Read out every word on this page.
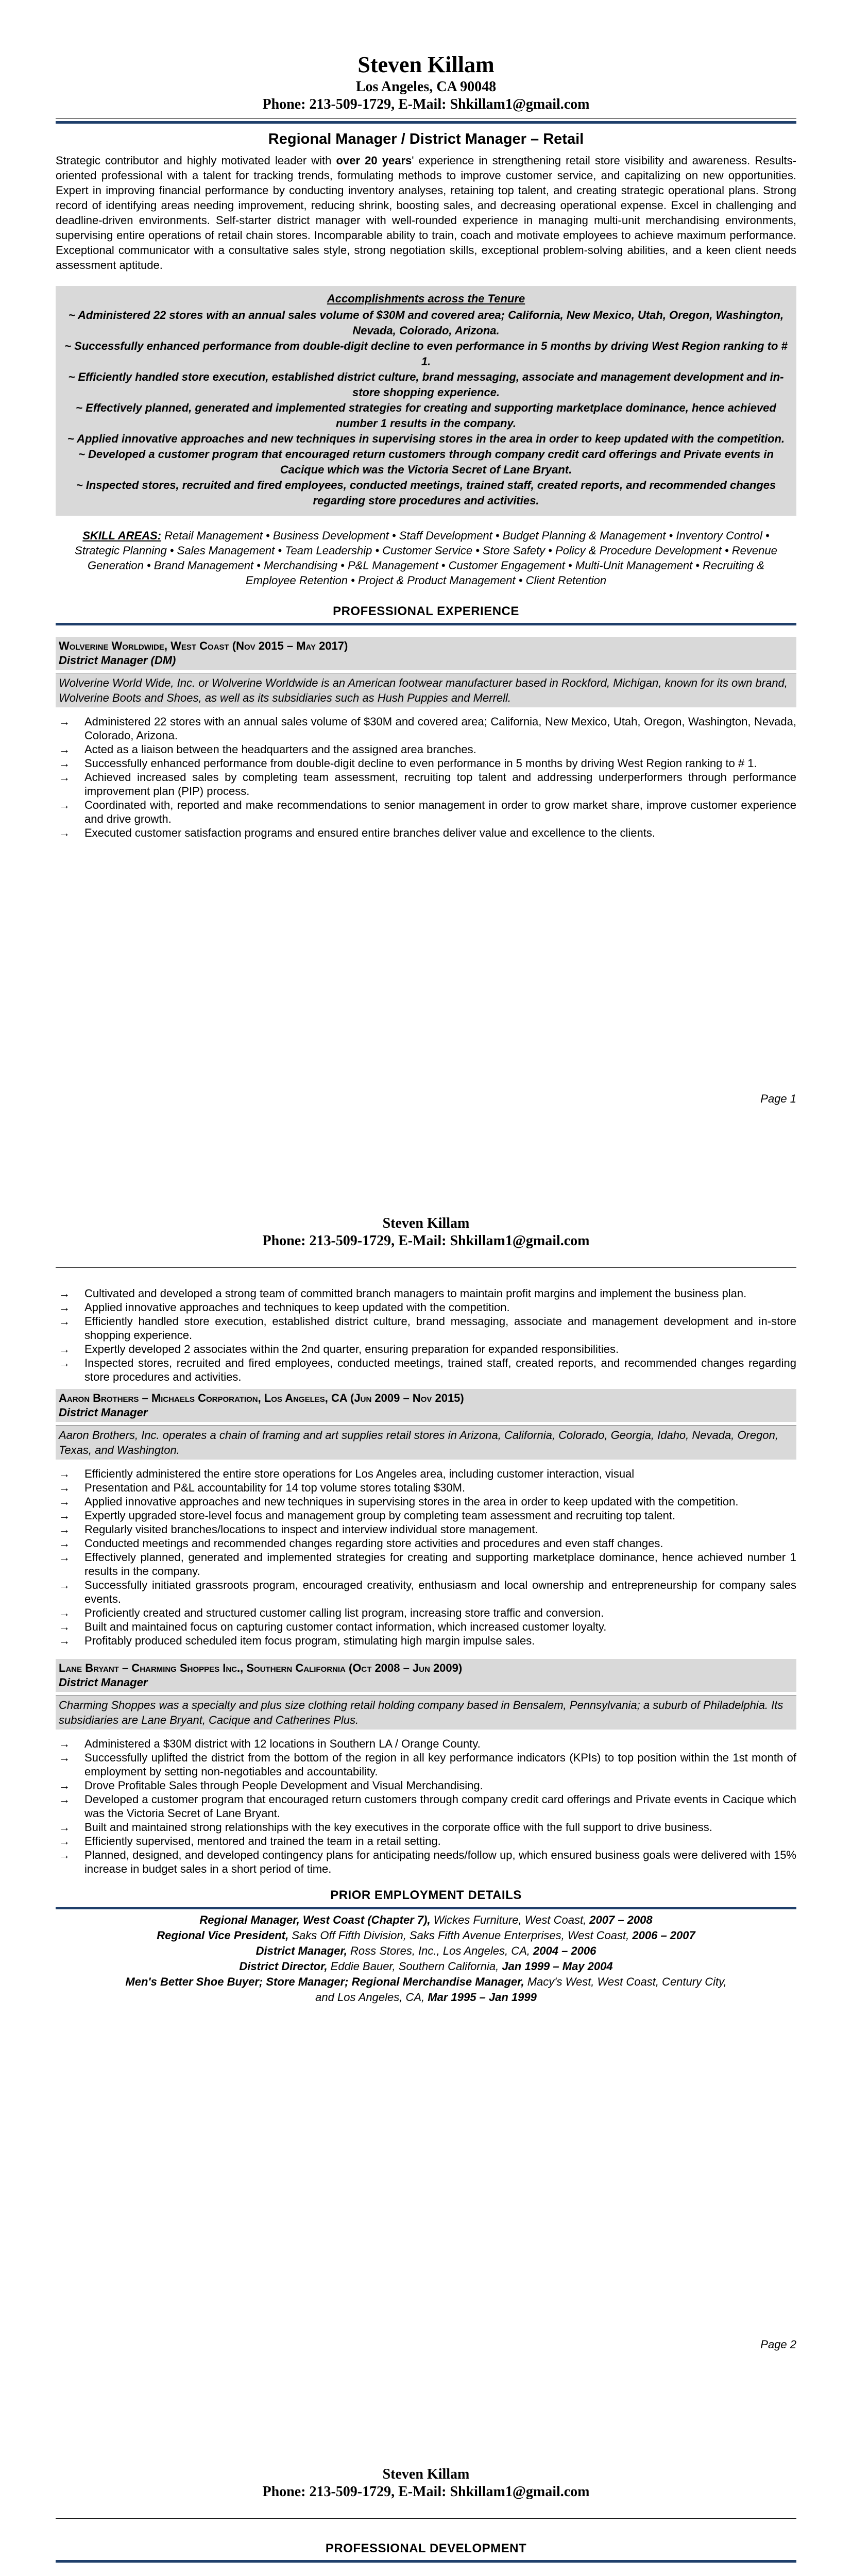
Steven Killam
Los Angeles, CA 90048
Phone: 213-509-1729, E-Mail: Shkillam1@gmail.com
Regional Manager / District Manager – Retail
Strategic contributor and highly motivated leader with over 20 years' experience in strengthening retail store visibility and awareness. Results-oriented professional with a talent for tracking trends, formulating methods to improve customer service, and capitalizing on new opportunities. Expert in improving financial performance by conducting inventory analyses, retaining top talent, and creating strategic operational plans. Strong record of identifying areas needing improvement, reducing shrink, boosting sales, and decreasing operational expense. Excel in challenging and deadline-driven environments. Self-starter district manager with well-rounded experience in managing multi-unit merchandising environments, supervising entire operations of retail chain stores. Incomparable ability to train, coach and motivate employees to achieve maximum performance. Exceptional communicator with a consultative sales style, strong negotiation skills, exceptional problem-solving abilities, and a keen client needs assessment aptitude.
Accomplishments across the Tenure
~ Administered 22 stores with an annual sales volume of $30M and covered area; California, New Mexico, Utah, Oregon, Washington, Nevada, Colorado, Arizona.
~ Successfully enhanced performance from double-digit decline to even performance in 5 months by driving West Region ranking to # 1.
~ Efficiently handled store execution, established district culture, brand messaging, associate and management development and in-store shopping experience.
~ Effectively planned, generated and implemented strategies for creating and supporting marketplace dominance, hence achieved number 1 results in the company.
~ Applied innovative approaches and new techniques in supervising stores in the area in order to keep updated with the competition.
~ Developed a customer program that encouraged return customers through company credit card offerings and Private events in Cacique which was the Victoria Secret of Lane Bryant.
~ Inspected stores, recruited and fired employees, conducted meetings, trained staff, created reports, and recommended changes regarding store procedures and activities.
SKILL AREAS: Retail Management • Business Development • Staff Development • Budget Planning & Management • Inventory Control • Strategic Planning • Sales Management • Team Leadership • Customer Service • Store Safety • Policy & Procedure Development • Revenue Generation • Brand Management • Merchandising • P&L Management • Customer Engagement • Multi-Unit Management • Recruiting & Employee Retention • Project & Product Management • Client Retention
PROFESSIONAL EXPERIENCE
Wolverine Worldwide, West Coast (Nov 2015 – May 2017)
District Manager (DM)
Wolverine World Wide, Inc. or Wolverine Worldwide is an American footwear manufacturer based in Rockford, Michigan, known for its own brand, Wolverine Boots and Shoes, as well as its subsidiaries such as Hush Puppies and Merrell.
→ Administered 22 stores with an annual sales volume of $30M and covered area; California, New Mexico, Utah, Oregon, Washington, Nevada, Colorado, Arizona.
→ Acted as a liaison between the headquarters and the assigned area branches.
→ Successfully enhanced performance from double-digit decline to even performance in 5 months by driving West Region ranking to # 1.
→ Achieved increased sales by completing team assessment, recruiting top talent and addressing underperformers through performance improvement plan (PIP) process.
→ Coordinated with, reported and make recommendations to senior management in order to grow market share, improve customer experience and drive growth.
→ Executed customer satisfaction programs and ensured entire branches deliver value and excellence to the clients.
Page 1
Steven Killam
Phone: 213-509-1729, E-Mail: Shkillam1@gmail.com
→ Cultivated and developed a strong team of committed branch managers to maintain profit margins and implement the business plan.
→ Applied innovative approaches and techniques to keep updated with the competition.
→ Efficiently handled store execution, established district culture, brand messaging, associate and management development and in-store shopping experience.
→ Expertly developed 2 associates within the 2nd quarter, ensuring preparation for expanded responsibilities.
→ Inspected stores, recruited and fired employees, conducted meetings, trained staff, created reports, and recommended changes regarding store procedures and activities.
Aaron Brothers – Michaels Corporation, Los Angeles, CA (Jun 2009 – Nov 2015)
District Manager
Aaron Brothers, Inc. operates a chain of framing and art supplies retail stores in Arizona, California, Colorado, Georgia, Idaho, Nevada, Oregon, Texas, and Washington.
→ Efficiently administered the entire store operations for Los Angeles area, including customer interaction, visual
→ Presentation and P&L accountability for 14 top volume stores totaling $30M.
→ Applied innovative approaches and new techniques in supervising stores in the area in order to keep updated with the competition.
→ Expertly upgraded store-level focus and management group by completing team assessment and recruiting top talent.
→ Regularly visited branches/locations to inspect and interview individual store management.
→ Conducted meetings and recommended changes regarding store activities and procedures and even staff changes.
→ Effectively planned, generated and implemented strategies for creating and supporting marketplace dominance, hence achieved number 1 results in the company.
→ Successfully initiated grassroots program, encouraged creativity, enthusiasm and local ownership and entrepreneurship for company sales events.
→ Proficiently created and structured customer calling list program, increasing store traffic and conversion.
→ Built and maintained focus on capturing customer contact information, which increased customer loyalty.
→ Profitably produced scheduled item focus program, stimulating high margin impulse sales.
Lane Bryant – Charming Shoppes Inc., Southern California (Oct 2008 – Jun 2009)
District Manager
Charming Shoppes was a specialty and plus size clothing retail holding company based in Bensalem, Pennsylvania; a suburb of Philadelphia. Its subsidiaries are Lane Bryant, Cacique and Catherines Plus.
→ Administered a $30M district with 12 locations in Southern LA / Orange County.
→ Successfully uplifted the district from the bottom of the region in all key performance indicators (KPIs) to top position within the 1st month of employment by setting non-negotiables and accountability.
→ Drove Profitable Sales through People Development and Visual Merchandising.
→ Developed a customer program that encouraged return customers through company credit card offerings and Private events in Cacique which was the Victoria Secret of Lane Bryant.
→ Built and maintained strong relationships with the key executives in the corporate office with the full support to drive business.
→ Efficiently supervised, mentored and trained the team in a retail setting.
→ Planned, designed, and developed contingency plans for anticipating needs/follow up, which ensured business goals were delivered with 15% increase in budget sales in a short period of time.
PRIOR EMPLOYMENT DETAILS
Regional Manager, West Coast (Chapter 7), Wickes Furniture, West Coast, 2007 – 2008
Regional Vice President, Saks Off Fifth Division, Saks Fifth Avenue Enterprises, West Coast, 2006 – 2007
District Manager, Ross Stores, Inc., Los Angeles, CA, 2004 – 2006
District Director, Eddie Bauer, Southern California, Jan 1999 – May 2004
Men's Better Shoe Buyer; Store Manager; Regional Merchandise Manager, Macy's West, West Coast, Century City, and Los Angeles, CA, Mar 1995 – Jan 1999
Page 2
Steven Killam
Phone: 213-509-1729, E-Mail: Shkillam1@gmail.com
PROFESSIONAL DEVELOPMENT
